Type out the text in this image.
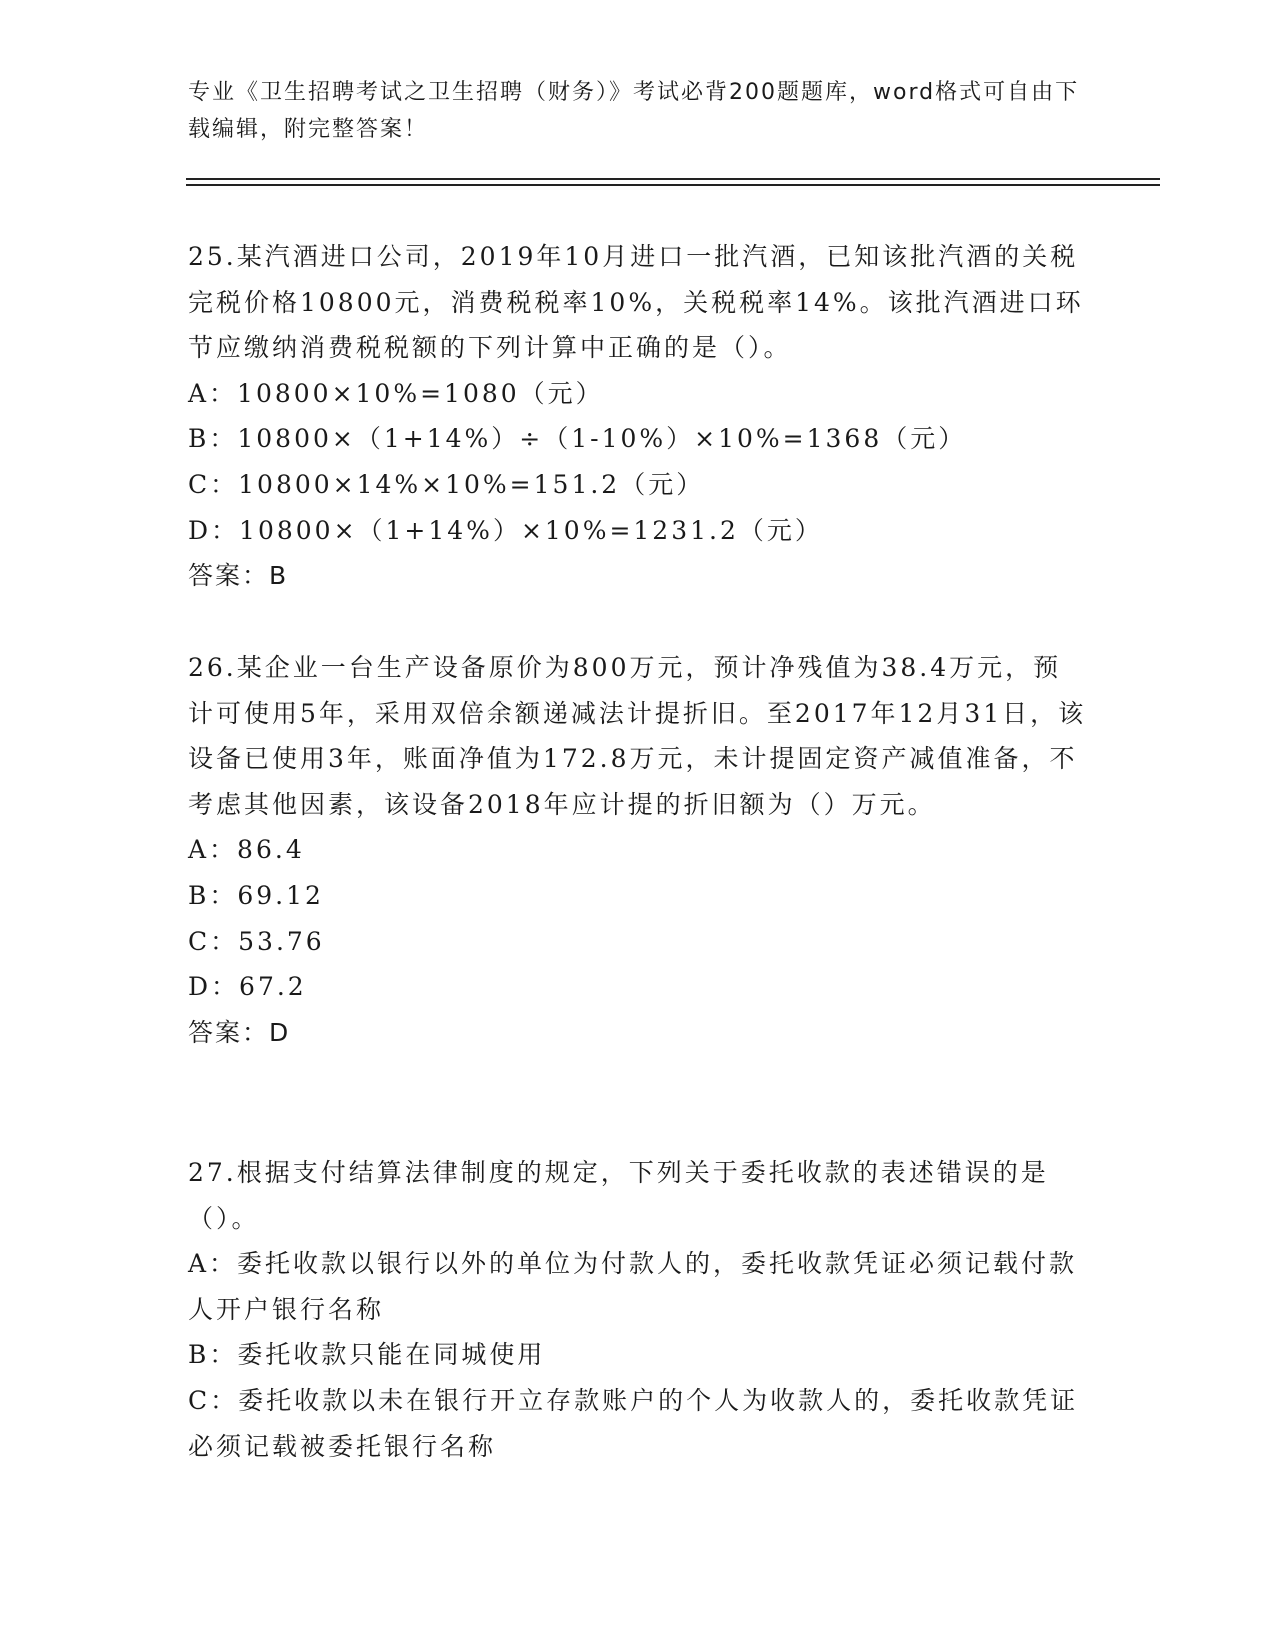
专业《卫生招聘考试之卫生招聘（财务）》考试必背200题题库，word格式可自由下载编辑，附完整答案！

25.某汽酒进口公司，2019年10月进口一批汽酒，已知该批汽酒的关税完税价格10800元，消费税税率10%，关税税率14%。该批汽酒进口环节应缴纳消费税税额的下列计算中正确的是（）。

A：10800×10%=1080（元）

B：10800×（1+14%）÷（1-10%）×10%=1368（元）

C：10800×14%×10%=151.2（元）

D：10800×（1+14%）×10%=1231.2（元）

答案：B

26.某企业一台生产设备原价为800万元，预计净残值为38.4万元，预计可使用5年，采用双倍余额递减法计提折旧。至2017年12月31日，该设备已使用3年，账面净值为172.8万元，未计提固定资产减值准备，不考虑其他因素，该设备2018年应计提的折旧额为（）万元。

A：86.4

B：69.12

C：53.76

D：67.2

答案：D

27.根据支付结算法律制度的规定，下列关于委托收款的表述错误的是（）。

A：委托收款以银行以外的单位为付款人的，委托收款凭证必须记载付款人开户银行名称

B：委托收款只能在同城使用

C：委托收款以未在银行开立存款账户的个人为收款人的，委托收款凭证必须记载被委托银行名称
